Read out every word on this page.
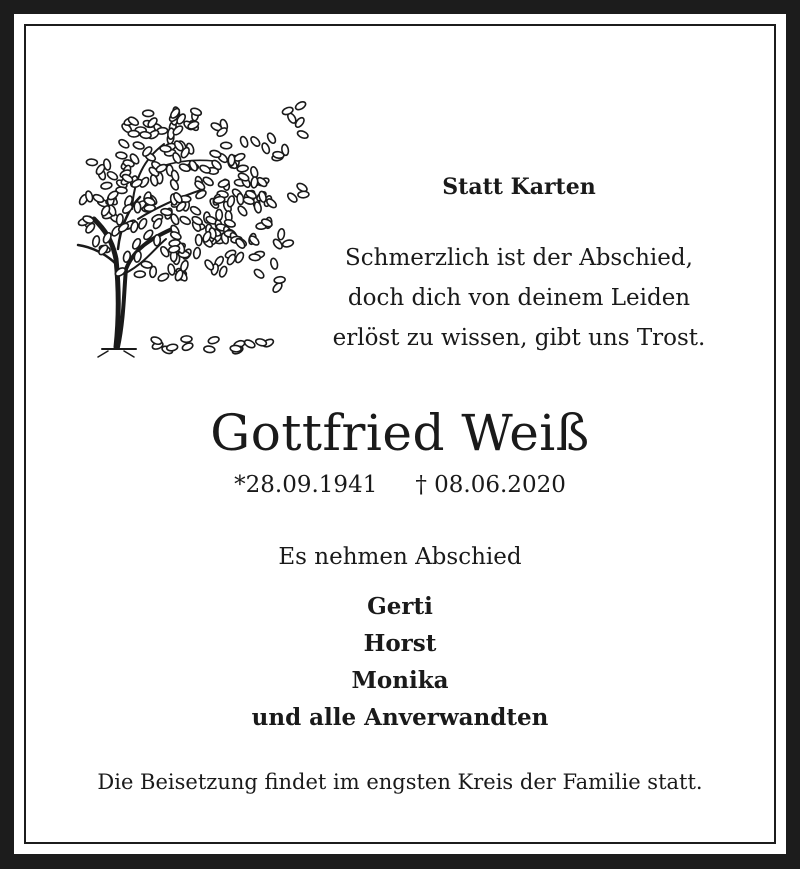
Statt Karten
Schmerzlich ist der Abschied,
doch dich von deinem Leiden
erlöst zu wissen, gibt uns Trost.
Gottfried Weiß
*28.09.1941 † 08.06.2020
Es nehmen Abschied
Gerti
Horst
Monika
und alle Anverwandten
Die Beisetzung findet im engsten Kreis der Familie statt.
